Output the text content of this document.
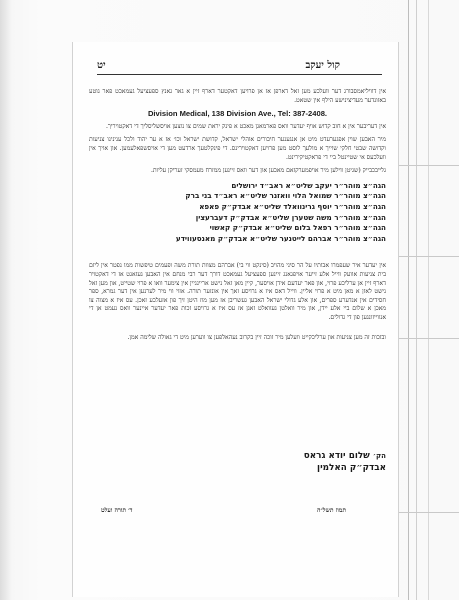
קול יעקב
יט

אין דוויליאמסבורג דער וועלכע מען זאל דארפן אז אן פרויען דאקטער דארף זיין א גאר גאנץ ספעציעל געמאכט פאר גוטע באזונדער מעדיצינישע הילף אין שטאט.

Division Medical, 138 Division Ave., Tel: 387-2408.

אין דעריבער אין א חוב קדוש אויף יעדער וואס פארמאגן מאכט א פינק יראת שמים צו נוצען אויסשליסליך די דאקטויריך.

מיר האבען שוין אפגערעדט מיט אן אנגענער חיבורים אוהלי ישראל, קדושת ישראל וכו׳ אז א ער יהוד ולכל ענינינו צניעות וקדושה שבטי חלקי שוייך א מולעך לוסט מען פרויען דאקטוירינס. די פינקלטעך ארדעט מען די אויסשפאלעמען. און אויך אין וועלכעס אי שטיינטל ביי די פראקטיקירינט.

גלייבכבייק (שגיטן ווילען מיר אויפמערקזאם מאכען און דער וואס זיינען ממזרח מעמסקי זעריקן עליות.

הגה״צ מוהר״ר יעקב שליט״א ראב״ד ירושלים

הגה״צ מוהר״ר שמואל הלוי וואזנר שליט״א ראב״ד בני ברק

הגה״צ מוהר״ר יוסף גרינוואלד שליט״א אבדק״ק פאפא

הגה״צ מוהר״ר משה שטערן שליט״א אבדק״ק דעברעצין

הגה״צ מוהר״ר רפאל בלום שליט״א אבדק״ק קאשוי

הגה״צ מוהר״ר אברהם לייטנער שליט״א אבדק״ק מאנסעווידע

אין יעדער איר שעפמרו אבותיו על הר סיני מהויב (סינקט ווי בי) אברהם מצוות תורת משה ופעמים טיפשות ממו נפטר אין ליזם בית צניעות אוועק ווייל אלע זייער אויפגאנג זיינען ספעציעל געמאכט דורך דער רבי מנחם אין האבען געזאגט אז די דאקטויר דארף זיין אן ערליכע פרוי, און פאר יעדעם אידן אויסער, קיין מאן זאל נישט אריינגיין אין צימער וואו א פרוי שטייט, און מען זאל נישט לאזן א מאן מיט א פרוי אליין. ווייל דאס איז א גרויסע זאך אין אונזער תורה. אזוי ווי מיר לערנען אין דער גמרא, ספר חסידים אין אנדערע ספרים, און אלע גדולי ישראל האבען געשריבן אז מען מוז היטן זיך פון אזעלכע זאכן. עס איז א מצוה צו מאכן א שלום ביי אלע יידן, און מיר וואלטן געוואלט זאגן אז עס איז א גרויסע זכות פאר יעדער איינער וואס נעמט אן די אנווייזונגען פון די גדולים.

ובזכות זה מען צניעות און ערליכקייט וועלען מיר זוכה זיין בקרוב נעהאלפען צו ווערען מיט די גאולה שלימה אמן.

הק׳ שלום יודא גראס
אבדק״ק האלמין
תמוז תשל״ה
ד׳ תורה ועלט
